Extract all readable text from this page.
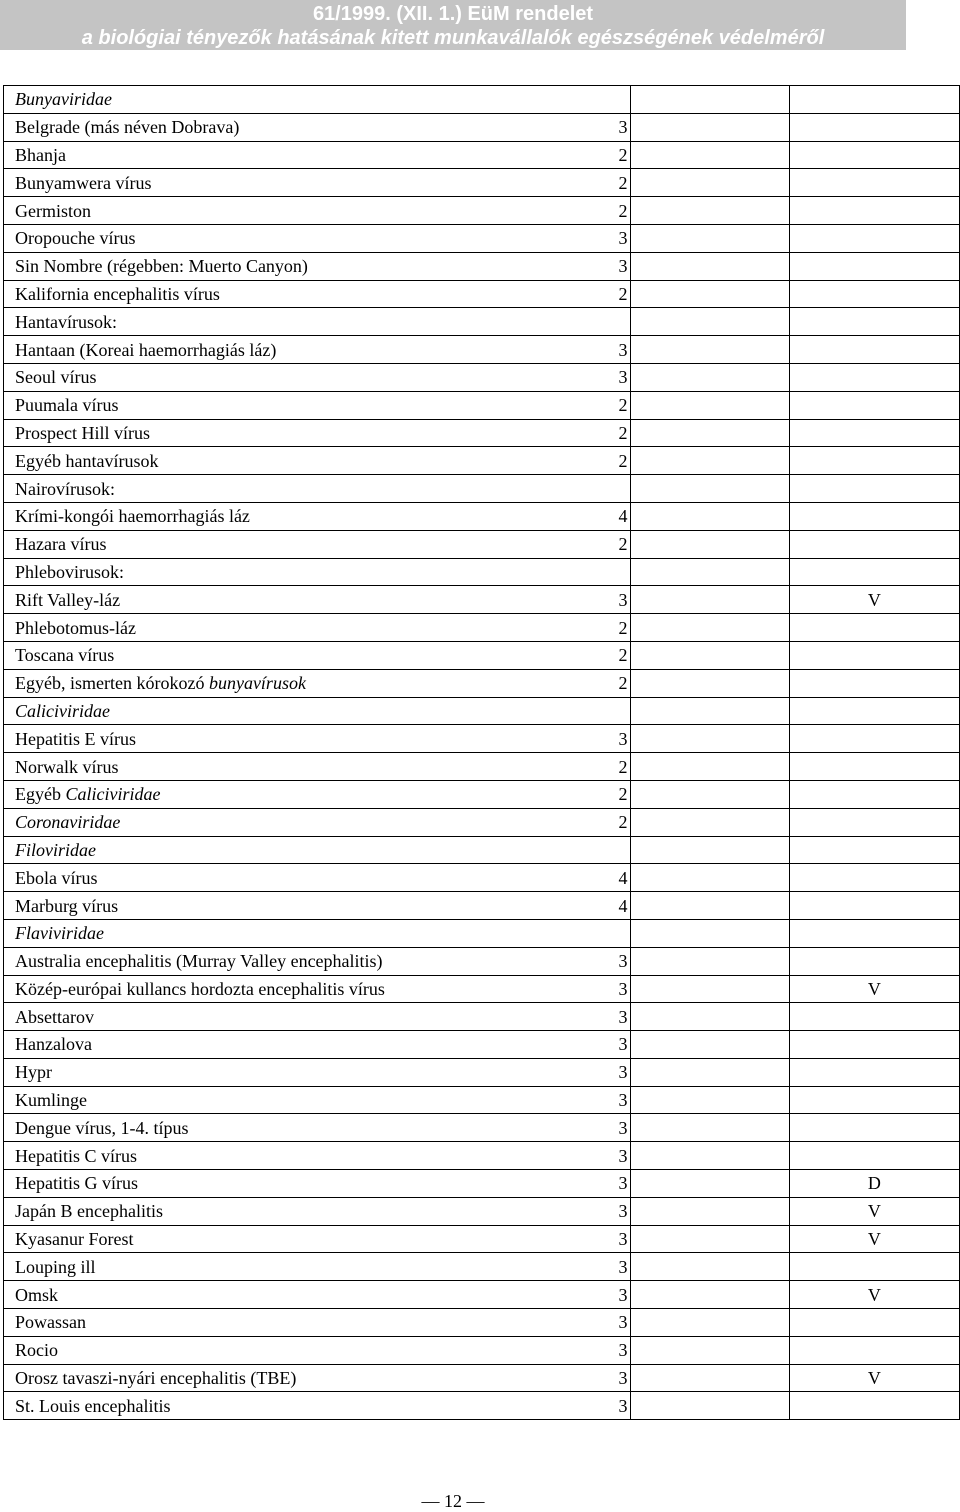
61/1999. (XII. 1.) EüM rendelet
a biológiai tényezők hatásának kitett munkavállalók egészségének védelméről
Bunyaviridae		
Belgrade (más néven Dobrava)	3	
Bhanja	2	
Bunyamwera vírus	2	
Germiston	2	
Oropouche vírus	3	
Sin Nombre (régebben: Muerto Canyon)	3	
Kalifornia encephalitis vírus	2	
Hantavírusok:		
Hantaan (Koreai haemorrhagiás láz)	3	
Seoul vírus	3	
Puumala vírus	2	
Prospect Hill vírus	2	
Egyéb hantavírusok	2	
Nairovírusok:		
Krími-kongói haemorrhagiás láz	4	
Hazara vírus	2	
Phlebovirusok:		
Rift Valley-láz	3	V
Phlebotomus-láz	2	
Toscana vírus	2	
Egyéb, ismerten kórokozó bunyavírusok	2	
Caliciviridae		
Hepatitis E vírus	3	
Norwalk vírus	2	
Egyéb Caliciviridae	2	
Coronaviridae	2	
Filoviridae		
Ebola vírus	4	
Marburg vírus	4	
Flaviviridae		
Australia encephalitis (Murray Valley encephalitis)	3	
Közép-európai kullancs hordozta encephalitis vírus	3	V
Absettarov	3	
Hanzalova	3	
Hypr	3	
Kumlinge	3	
Dengue vírus, 1-4. típus	3	
Hepatitis C vírus	3	
Hepatitis G vírus	3	D
Japán B encephalitis	3	V
Kyasanur Forest	3	V
Louping ill	3	
Omsk	3	V
Powassan	3	
Rocio	3	
Orosz tavaszi-nyári encephalitis (TBE)	3	V
St. Louis encephalitis	3	
— 12 —
